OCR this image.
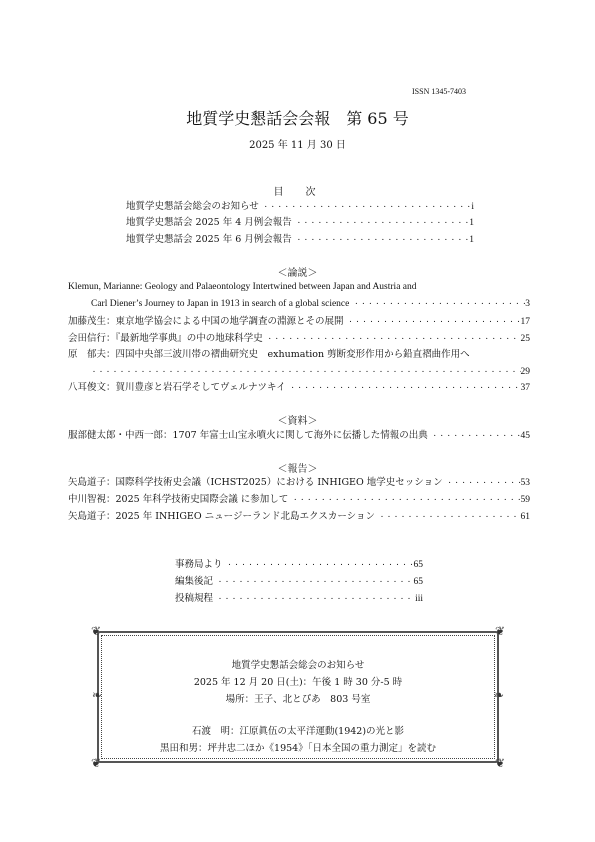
ISSN 1345-7403
地質学史懇話会会報　第 65 号
2025 年 11 月 30 日
目　次
地質学史懇話会総会のお知らせ ・・・・・・・・・・・・・・・・・・・・・・・・・・・・・・・・・・・・・・・・・・・・・・・・・・・・・・・・・・・・・・・・・・・・・・	i
地質学史懇話会 2025 年 4 月例会報告 ・・・・・・・・・・・・・・・・・・・・・・・・・・・・・・・・・・・・・・・・・・・・・・・・・・・・・・・・・・・・・・・・・・・・・・	1
地質学史懇話会 2025 年 6 月例会報告 ・・・・・・・・・・・・・・・・・・・・・・・・・・・・・・・・・・・・・・・・・・・・・・・・・・・・・・・・・・・・・・・・・・・・・・	1
＜論説＞
Klemun, Marianne: Geology and Palaeontology Intertwined between Japan and Austria and
Carl Diener’s Journey to Japan in 1913 in search of a global science ・・・・・・・・・・・・・・・・・・・・・・・・・・・・・・・・・・・・・・・・・・・・・・・・・・・・・・・・・・・・・・・・・・・・・・	3
加藤茂生：東京地学協会による中国の地学調査の淵源とその展開 ・・・・・・・・・・・・・・・・・・・・・・・・・・・・・・・・・・・・・・・・・・・・・・・・・・・・・・・・・・・・・・・・・・・・・・	17
会田信行：『最新地学事典』の中の地球科学史 ・・・・・・・・・・・・・・・・・・・・・・・・・・・・・・・・・・・・・・・・・・・・・・・・・・・・・・・・・・・・・・・・・・・・・・	25
原　郁夫：四国中央部三波川帯の褶曲研究史　exhumation 剪断変形作用から鉛直褶曲作用へ
・・・・・・・・・・・・・・・・・・・・・・・・・・・・・・・・・・・・・・・・・・・・・・・・・・・・・・・・・・・・・・・・・・・・・・
29
八耳俊文：賀川豊彦と岩石学そしてヴェルナツキイ ・・・・・・・・・・・・・・・・・・・・・・・・・・・・・・・・・・・・・・・・・・・・・・・・・・・・・・・・・・・・・・・・・・・・・・	37
＜資料＞
服部健太郎・中西一郎：1707 年富士山宝永噴火に関して海外に伝播した情報の出典 ・・・・・・・・・・・・・・・・・・・・・・・・・・・・・・・・・・・・・・・・・・・・・・・・・・・・・・・・・・・・・・・・・・・・・・	45
＜報告＞
矢島道子：国際科学技術史会議（ICHST2025）における INHIGEO 地学史セッション ・・・・・・・・・・・・・・・・・・・・・・・・・・・・・・・・・・・・・・・・・・・・・・・・・・・・・・・・・・・・・・・・・・・・・・	53
中川智視：2025 年科学技術史国際会議 に参加して ・・・・・・・・・・・・・・・・・・・・・・・・・・・・・・・・・・・・・・・・・・・・・・・・・・・・・・・・・・・・・・・・・・・・・・	59
矢島道子：2025 年 INHIGEO ニュージーランド北島エクスカーション ・・・・・・・・・・・・・・・・・・・・・・・・・・・・・・・・・・・・・・・・・・・・・・・・・・・・・・・・・・・・・・・・・・・・・・	61
事務局より ・・・・・・・・・・・・・・・・・・・・・・・・・・・・・・・・・・・・・・・・・・・・・・・・・・・・・・・・・・・・・・・・・・・・・・	65
編集後記 ・・・・・・・・・・・・・・・・・・・・・・・・・・・・・・・・・・・・・・・・・・・・・・・・・・・・・・・・・・・・・・・・・・・・・・	65
投稿規程 ・・・・・・・・・・・・・・・・・・・・・・・・・・・・・・・・・・・・・・・・・・・・・・・・・・・・・・・・・・・・・・・・・・・・・・	iii
❦	❦
❦	❦
❧	❧
地質学史懇話会総会のお知らせ
2025 年 12 月 20 日(土)：午後 1 時 30 分-5 時
場所：王子、北とぴあ　803 号室
石渡　明：江原眞伍の太平洋運動(1942)の光と影
黒田和男：坪井忠二ほか《1954》「日本全国の重力測定」を読む
